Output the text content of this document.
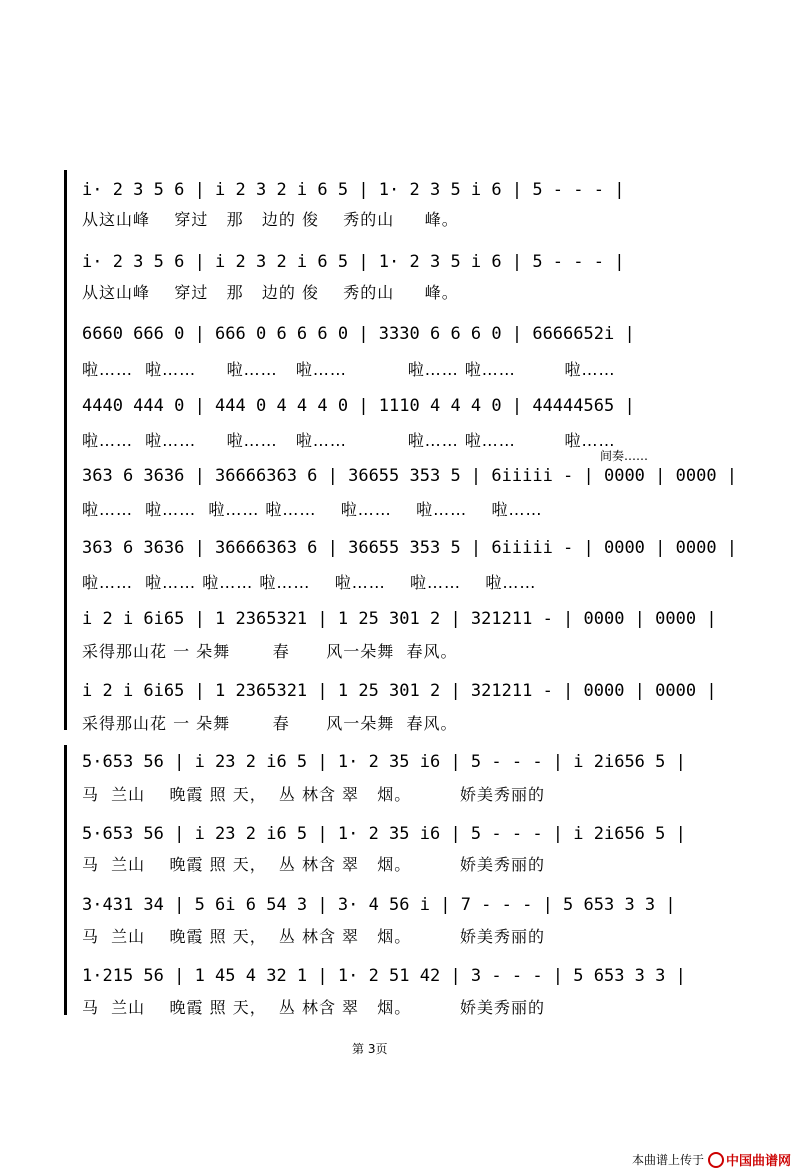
i· 2 3 5 6 | i 2 3 2 i 6 5 | 1· 2 3 5 i 6 | 5 - - - |
从这山峰    穿过   那   边的 俊    秀的山     峰。
i· 2 3 5 6 | i 2 3 2 i 6 5 | 1· 2 3 5 i 6 | 5 - - - |
从这山峰    穿过   那   边的 俊    秀的山     峰。
6660 666 0 | 666 0 6 6 6 0 | 3330 6 6 6 0 | 6666652i |
啦……  啦……     啦……   啦……          啦…… 啦……        啦……
4440 444 0 | 444 0 4 4 4 0 | 1110 4 4 4 0 | 44444565 |
啦……  啦……     啦……   啦……          啦…… 啦……        啦……
间奏……
363 6 3636 | 36666363 6 | 36655 353 5 | 6iiiii - | 0000 | 0000 |
啦……  啦……  啦…… 啦……    啦……    啦……    啦……
363 6 3636 | 36666363 6 | 36655 353 5 | 6iiiii - | 0000 | 0000 |
啦……  啦…… 啦…… 啦……    啦……    啦……    啦……
i 2 i 6i65 | 1 2365321 | 1 25 301 2 | 321211 - | 0000 | 0000 |
采得那山花 一 朵舞       春      风一朵舞  春风。
i 2 i 6i65 | 1 2365321 | 1 25 301 2 | 321211 - | 0000 | 0000 |
采得那山花 一 朵舞       春      风一朵舞  春风。
5·653 56 | i 23 2 i6 5 | 1· 2 35 i6 | 5 - - - | i 2i656 5 |
马  兰山    晚霞 照 天，  丛 林含 翠   烟。        娇美秀丽的
5·653 56 | i 23 2 i6 5 | 1· 2 35 i6 | 5 - - - | i 2i656 5 |
马  兰山    晚霞 照 天，  丛 林含 翠   烟。        娇美秀丽的
3·431 34 | 5 6i 6 54 3 | 3· 4 56 i | 7 - - - | 5 653 3 3 |
马  兰山    晚霞 照 天，  丛 林含 翠   烟。        娇美秀丽的
1·215 56 | 1 45 4 32 1 | 1· 2 51 42 | 3 - - - | 5 653 3 3 |
马  兰山    晚霞 照 天，  丛 林含 翠   烟。        娇美秀丽的
第 3页
本曲谱上传于 中国曲谱网
